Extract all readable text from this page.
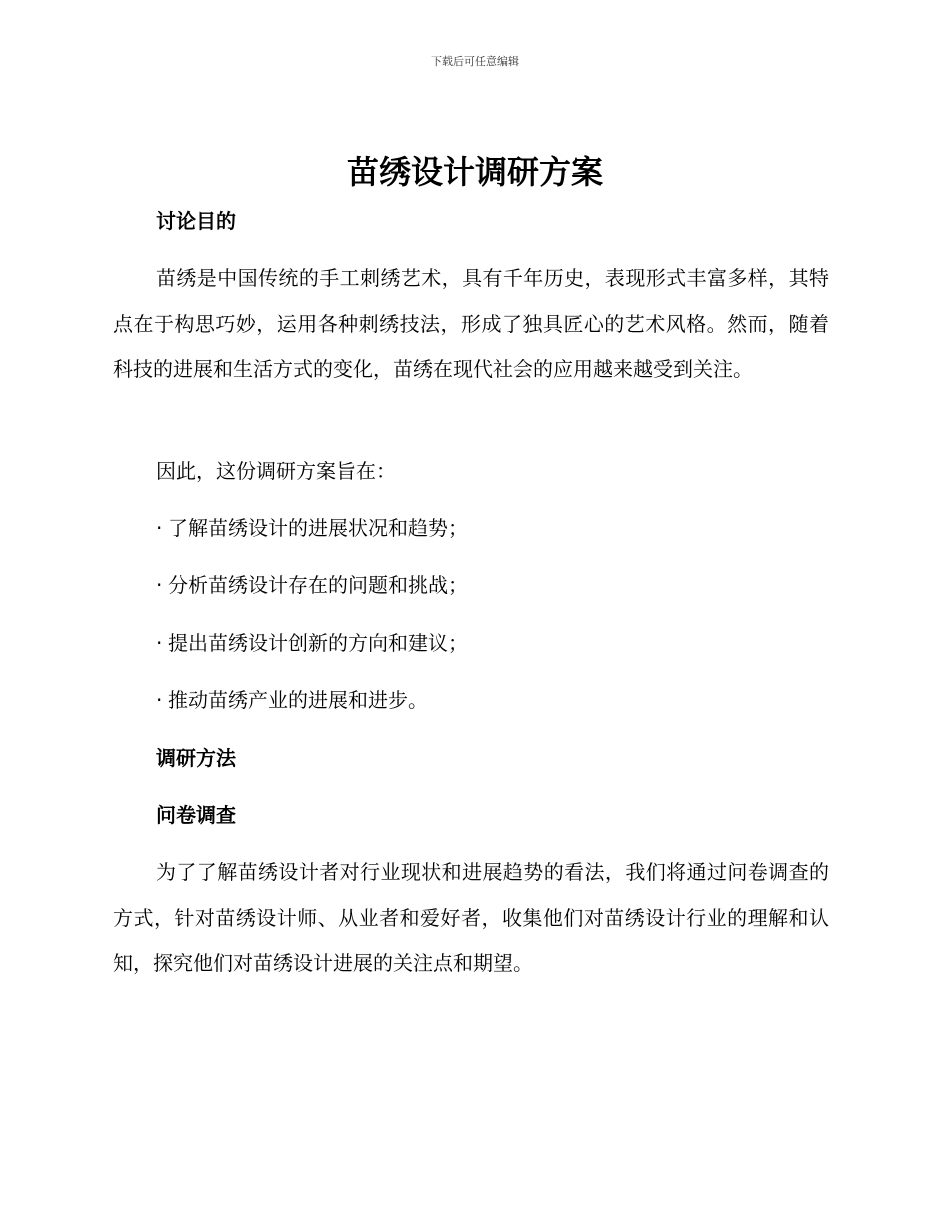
下载后可任意编辑
苗绣设计调研方案
讨论目的

苗绣是中国传统的手工刺绣艺术，具有千年历史，表现形式丰富多样，其特点在于构思巧妙，运用各种刺绣技法，形成了独具匠心的艺术风格。然而，随着科技的进展和生活方式的变化，苗绣在现代社会的应用越来越受到关注。

因此，这份调研方案旨在：

· 了解苗绣设计的进展状况和趋势；

· 分析苗绣设计存在的问题和挑战；

· 提出苗绣设计创新的方向和建议；

· 推动苗绣产业的进展和进步。

调研方法
问卷调查

为了了解苗绣设计者对行业现状和进展趋势的看法，我们将通过问卷调查的方式，针对苗绣设计师、从业者和爱好者，收集他们对苗绣设计行业的理解和认知，探究他们对苗绣设计进展的关注点和期望。
